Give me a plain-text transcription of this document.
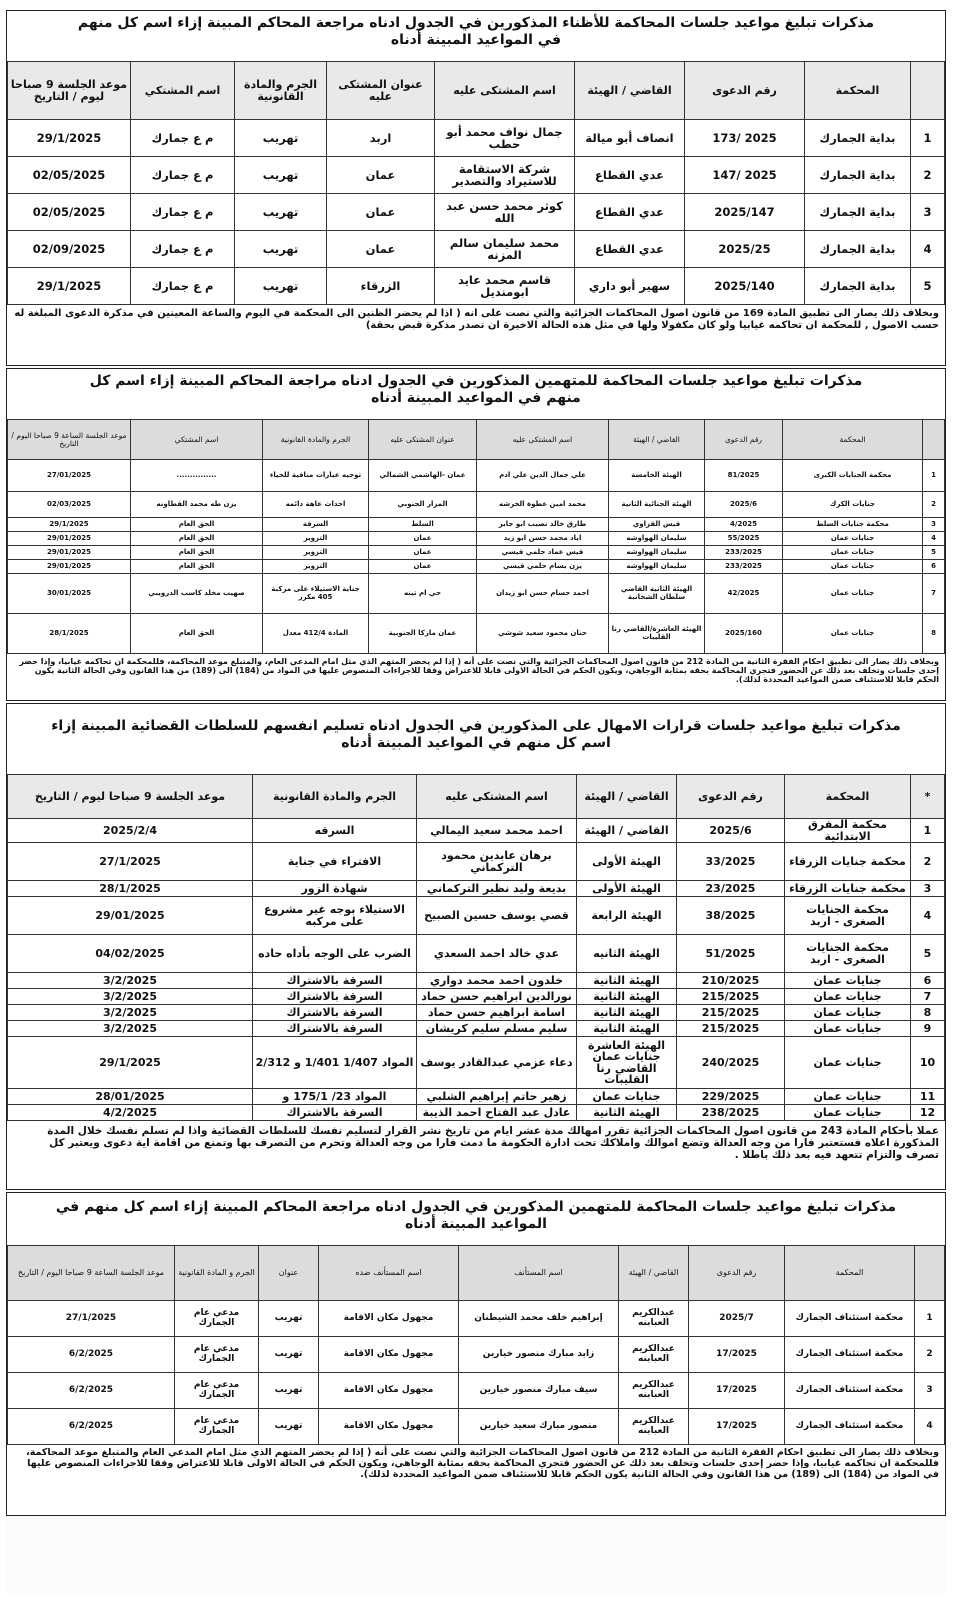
مذكرات تبليغ مواعيد جلسات المحاكمة للأظناء المذكورين في الجدول ادناه مراجعة المحاكم المبينة إزاء اسم كل منهم
في المواعيد المبينة أدناه
	المحكمة	رقم الدعوى	القاضي / الهيئة	اسم المشتكى عليه	عنوان المشتكى عليه	الجرم والمادة القانونية	اسم المشتكي	موعد الجلسة 9 صباحا ليوم / التاريخ
1	بداية الجمارك	2025 /173	انصاف أبو ميالة	جمال نواف محمد أبو حطب	اربد	تهريب	م ع جمارك	29/1/2025
2	بداية الجمارك	2025 /147	عدي القطاع	شركة الاستقامة للاستيراد والتصدير	عمان	تهريب	م ع جمارك	02/05/2025
3	بداية الجمارك	2025/147	عدي القطاع	كوثر محمد حسن عبد الله	عمان	تهريب	م ع جمارك	02/05/2025
4	بداية الجمارك	2025/25	عدي القطاع	محمد سليمان سالم المزنه	عمان	تهريب	م ع جمارك	02/09/2025
5	بداية الجمارك	2025/140	سهير أبو داري	قاسم محمد عايد ابومنديل	الزرقاء	تهريب	م ع جمارك	29/1/2025
وبخلاف ذلك يصار الى تطبيق المادة 169 من قانون اصول المحاكمات الجزائية والتي نصت على انه ( اذا لم يحضر الظنين الى المحكمة في اليوم والساعة المعينين في مذكرة الدعوى المبلغة له حسب الاصول , للمحكمة ان تحاكمه غيابيا ولو كان مكفولا ولها في مثل هذه الحالة الاخيرة ان تصدر مذكرة قبض بحقة)
مذكرات تبليغ مواعيد جلسات المحاكمة للمتهمين المذكورين في الجدول ادناه مراجعة المحاكم المبينة إزاء اسم كل
منهم في المواعيد المبينة أدناه
	المحكمة	رقم الدعوى	القاضي / الهيئة	اسم المشتكى عليه	عنوان المشتكى عليه	الجرم والمادة القانونية	اسم المشتكي	موعد الجلسة الساعة 9 صباحا اليوم / التاريخ
1	محكمة الجنايات الكبرى	81/2025	الهيئة الخامسة	علي جمال الدين علي ادم	عمان -الهاشمي الشمالي	توجيه عبارات منافية للحياء	...............	27/01/2025
2	جنايات الكرك	2025/6	الهيئة الجنائية الثانية	محمد امين عطوة الخرشه	المزار الجنوبي	احداث عاهة دائمه	يزن طه محمد القطاونه	02/03/2025
3	محكمة جنايات السلط	4/2025	قيس القزاوي	طارق خالد نصيب ابو جابر	السلط	السرقة	الحق العام	29/1/2025
4	جنايات عمان	55/2025	سليمان الهواوشه	اياد محمد حسن ابو زيد	عمان	التزوير	الحق العام	29/01/2025
5	جنايات عمان	233/2025	سليمان الهواوشه	قيس عماد حلمي قيسي	عمان	التزوير	الحق العام	29/01/2025
6	جنايات عمان	233/2025	سليمان الهواوشه	يزن بسام حلمي قيسي	عمان	التزوير	الحق العام	29/01/2025
7	جنايات عمان	42/2025	الهيئة الثانية القاضي سلطان الشخانبة	احمد حسام حسن ابو زيدان	حي ام تينه	جناية الاستيلاء على مركبة 405 مكرر	صهيب مخلد كاسب الدرويبي	30/01/2025
8	جنايات عمان	2025/160	الهيئة العاشرة/القاضي رنا القليبات	حنان محمود سعيد شوشي	عمان ماركا الجنوبية	المادة 412/4 معدل	الحق العام	28/1/2025
وبخلاف ذلك يصار الى تطبيق احكام الفقرة الثانية من المادة 212 من قانون اصول المحاكمات الجزائية والتي نصت على أنه ( إذا لم يحضر المتهم الذي مثل امام المدعي العام، والمتبلغ موعد المحاكمة، فللمحكمة ان تحاكمه غيابيا، وإذا حضر إحدى جلسات وتخلف بعد ذلك عن الحضور فتجري المحاكمة بحقه بمثابة الوجاهي، ويكون الحكم في الحالة الاولى قابلا للاعتراض وفقا للاجراءات المنصوص عليها في المواد من (184) الى (189) من هذا القانون وفي الحالة الثانية يكون الحكم قابلا للاستئناف ضمن المواعيد المحددة لذلك).
مذكرات تبليغ مواعيد جلسات قرارات الامهال على المذكورين في الجدول ادناه تسليم انفسهم للسلطات القضائية المبينة إزاء
اسم كل منهم في المواعيد المبينة أدناه
*	المحكمة	رقم الدعوى	القاضي / الهيئة	اسم المشتكى عليه	الجرم والمادة القانونية	موعد الجلسة 9 صباحا ليوم / التاريخ
1	محكمة المفرق الابتدائية	2025/6	القاضي / الهيئة	احمد محمد سعيد اليمالي	السرقه	2025/2/4
2	محكمة جنايات الزرقاء	33/2025	الهيئة الأولى	برهان عابدين محمود التركماني	الافتراء في جناية	27/1/2025
3	محكمة جنايات الزرقاء	23/2025	الهيئة الأولى	بديعة وليد نظير التركماني	شهادة الزور	28/1/2025
4	محكمة الجنايات الصغرى - اربد	38/2025	الهيئة الرابعة	قصي يوسف حسين الصبيح	الاستيلاء بوجه غير مشروع على مركبه	29/01/2025
5	محكمة الجنايات الصغرى - اربد	51/2025	الهيئة الثانيه	عدي خالد احمد السعدي	الضرب على الوجه بأداه حاده	04/02/2025
6	جنايات عمان	210/2025	الهيئة الثانية	خلدون احمد محمد دواري	السرقة بالاشتراك	3/2/2025
7	جنايات عمان	215/2025	الهيئة الثانية	نورالدين ابراهيم حسن حماد	السرقة بالاشتراك	3/2/2025
8	جنايات عمان	215/2025	الهيئة الثانية	اسامة ابراهيم حسن حماد	السرقة بالاشتراك	3/2/2025
9	جنايات عمان	215/2025	الهيئة الثانية	سليم مسلم سليم كريشان	السرقة بالاشتراك	3/2/2025
10	جنايات عمان	240/2025	الهيئة العاشرة جنايات عمان القاضي رنا القليبات	دعاء عزمي عبدالقادر يوسف	المواد 1/407 1/401 و 2/312	29/1/2025
11	جنايات عمان	229/2025	جنايات عمان	زهير حاتم إبراهيم الشلبي	المواد 23/ 175/1 و	28/01/2025
12	جنايات عمان	238/2025	الهيئة الثانية	عادل عبد الفتاح احمد الذيبة	السرقة بالاشتراك	4/2/2025
عملا بأحكام المادة 243 من قانون اصول المحاكمات الجزائية تقرر امهالك مدة عشر ايام من تاريخ نشر القرار لتسليم نفسك للسلطات القضائية واذا لم تسلم نفسك خلال المدة المذكورة اعلاه فستعتبر فارا من وجه العدالة وتضع اموالك واملاكك تحت ادارة الحكومة ما دمت فارا من وجه العدالة وتحرم من التصرف بها وتمنع من اقامة اية دعوى ويعتبر كل تصرف والتزام تتعهد فيه بعد ذلك باطلا .
مذكرات تبليغ مواعيد جلسات المحاكمة للمتهمين المذكورين في الجدول ادناه مراجعة المحاكم المبينة إزاء اسم كل منهم في
المواعيد المبينة أدناه
	المحكمة	رقم الدعوى	القاضي / الهيئة	اسم المستأنف	اسم المستأنف ضده	عنوان	الجرم و المادة القانونية	موعد الجلسة الساعة 9 صباحا اليوم / التاريخ
1	محكمة استئناف الجمارك	2025/7	عبدالكريم العبابنه	إبراهيم خلف محمد الشيطنان	مجهول مكان الاقامة	تهريب	مدعي عام الجمارك	27/1/2025
2	محكمة استئناف الجمارك	17/2025	عبدالكريم العبابنه	زايد مبارك منصور خيارين	مجهول مكان الاقامة	تهريب	مدعي عام الجمارك	6/2/2025
3	محكمة استئناف الجمارك	17/2025	عبدالكريم العبابنه	سيف مبارك منصور خيارين	مجهول مكان الاقامة	تهريب	مدعي عام الجمارك	6/2/2025
4	محكمة استئناف الجمارك	17/2025	عبدالكريم العبابنه	منصور مبارك سعيد خيارين	مجهول مكان الاقامة	تهريب	مدعي عام الجمارك	6/2/2025
وبخلاف ذلك يصار الى تطبيق احكام الفقرة الثانية من المادة 212 من قانون اصول المحاكمات الجزائية والتي نصت على أنه ( إذا لم يحضر المتهم الذي مثل امام المدعي العام والمتبلغ موعد المحاكمة، فللمحكمة ان تحاكمه غيابيا، وإذا حضر إحدى جلسات وتخلف بعد ذلك عن الحضور فتجري المحاكمة بحقه بمثابة الوجاهي، ويكون الحكم في الحالة الاولى قابلا للاعتراض وفقا للاجراءات المنصوص عليها في المواد من (184) الى (189) من هذا القانون وفي الحالة الثانية يكون الحكم قابلا للاستئناف ضمن المواعيد المحددة لذلك).
